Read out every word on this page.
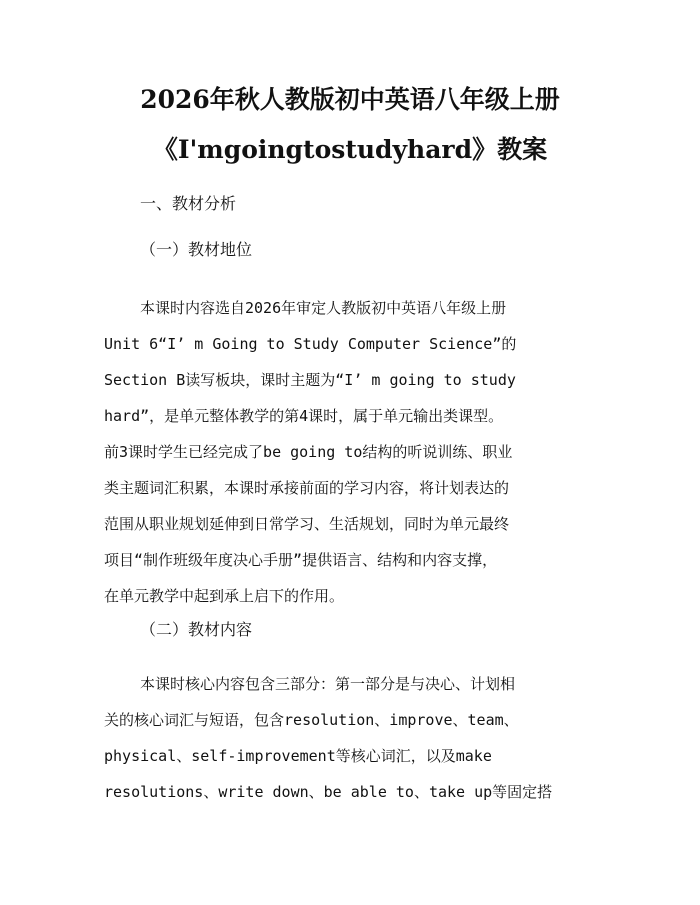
2026年秋人教版初中英语八年级上册
《I'mgoingtostudyhard》教案
一、教材分析
（一）教材地位
本课时内容选自2026年审定人教版初中英语八年级上册
Unit 6“I’ m Going to Study Computer Science”的
Section B读写板块，课时主题为“I’ m going to study
hard”，是单元整体教学的第4课时，属于单元输出类课型。
前3课时学生已经完成了be going to结构的听说训练、职业
类主题词汇积累，本课时承接前面的学习内容，将计划表达的
范围从职业规划延伸到日常学习、生活规划，同时为单元最终
项目“制作班级年度决心手册”提供语言、结构和内容支撑，
在单元教学中起到承上启下的作用。
（二）教材内容
本课时核心内容包含三部分：第一部分是与决心、计划相
关的核心词汇与短语，包含resolution、improve、team、
physical、self-improvement等核心词汇，以及make
resolutions、write down、be able to、take up等固定搭
